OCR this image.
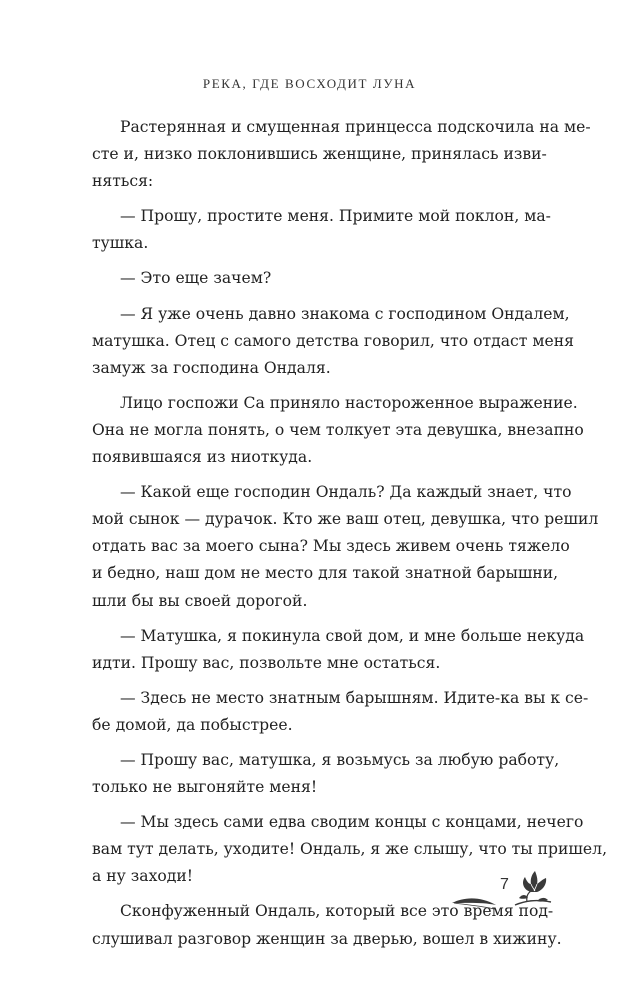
РЕКА, ГДЕ ВОСХОДИТ ЛУНА
Растерянная и смущенная принцесса подскочила на ме-
сте и, низко поклонившись женщине, принялась изви-
няться:
— Прошу, простите меня. Примите мой поклон, ма-
тушка.
— Это еще зачем?
— Я уже очень давно знакома с господином Ондалем,
матушка. Отец с самого детства говорил, что отдаст меня
замуж за господина Ондаля.
Лицо госпожи Са приняло настороженное выражение.
Она не могла понять, о чем толкует эта девушка, внезапно
появившаяся из ниоткуда.
— Какой еще господин Ондаль? Да каждый знает, что
мой сынок — дурачок. Кто же ваш отец, девушка, что решил
отдать вас за моего сына? Мы здесь живем очень тяжело
и бедно, наш дом не место для такой знатной барышни,
шли бы вы своей дорогой.
— Матушка, я покинула свой дом, и мне больше некуда
идти. Прошу вас, позвольте мне остаться.
— Здесь не место знатным барышням. Идите-ка вы к се-
бе домой, да побыстрее.
— Прошу вас, матушка, я возьмусь за любую работу,
только не выгоняйте меня!
— Мы здесь сами едва сводим концы с концами, нечего
вам тут делать, уходите! Ондаль, я же слышу, что ты пришел,
а ну заходи!
Сконфуженный Ондаль, который все это время под-
слушивал разговор женщин за дверью, вошел в хижину.
7
